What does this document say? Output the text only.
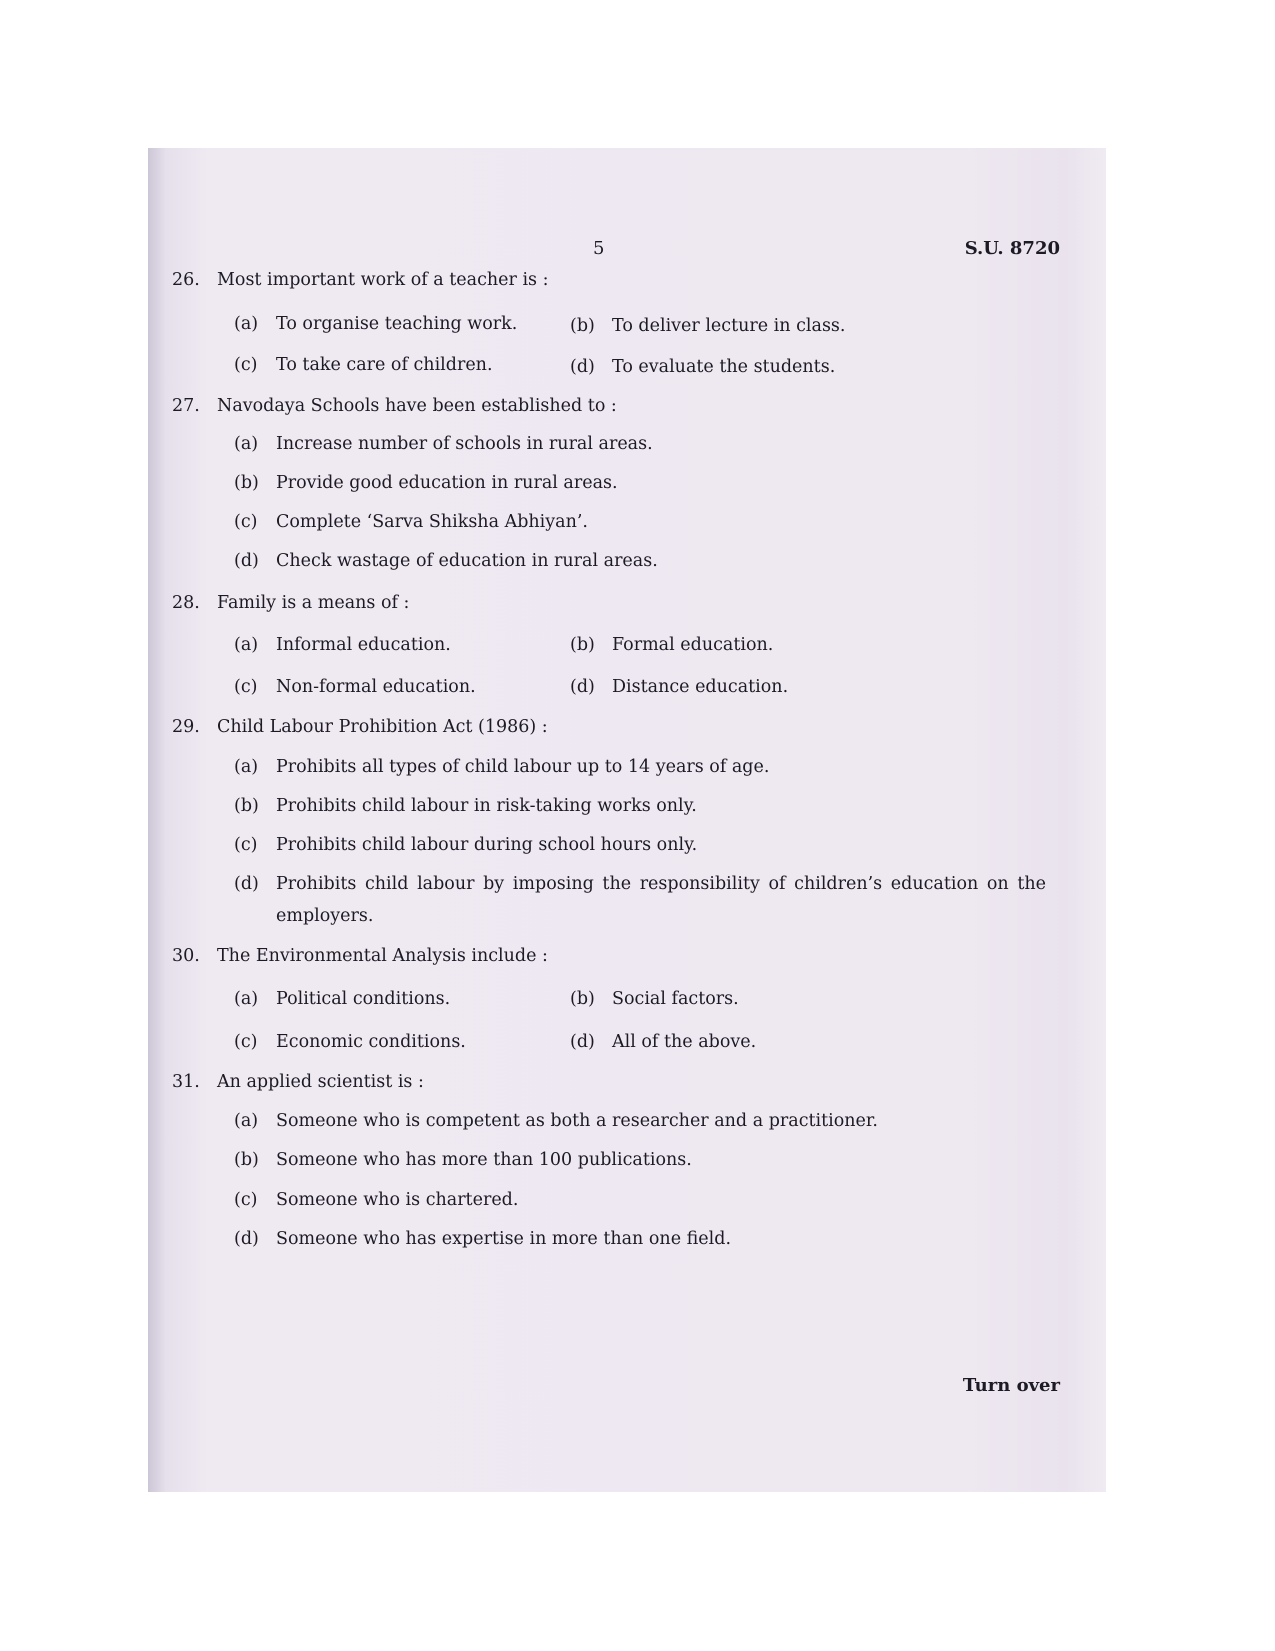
5	S.U. 8720
26. Most important work of a teacher is :
(a) To organise teaching work.	(b) To deliver lecture in class.
(c) To take care of children.	(d) To evaluate the students.
27. Navodaya Schools have been established to :
(a) Increase number of schools in rural areas.
(b) Provide good education in rural areas.
(c) Complete ‘Sarva Shiksha Abhiyan’.
(d) Check wastage of education in rural areas.
28. Family is a means of :
(a) Informal education.	(b) Formal education.
(c) Non-formal education.	(d) Distance education.
29. Child Labour Prohibition Act (1986) :
(a) Prohibits all types of child labour up to 14 years of age.
(b) Prohibits child labour in risk-taking works only.
(c) Prohibits child labour during school hours only.
(d) Prohibits child labour by imposing the responsibility of children’s education on the employers.
30. The Environmental Analysis include :
(a) Political conditions.	(b) Social factors.
(c) Economic conditions.	(d) All of the above.
31. An applied scientist is :
(a) Someone who is competent as both a researcher and a practitioner.
(b) Someone who has more than 100 publications.
(c) Someone who is chartered.
(d) Someone who has expertise in more than one field.
Turn over
